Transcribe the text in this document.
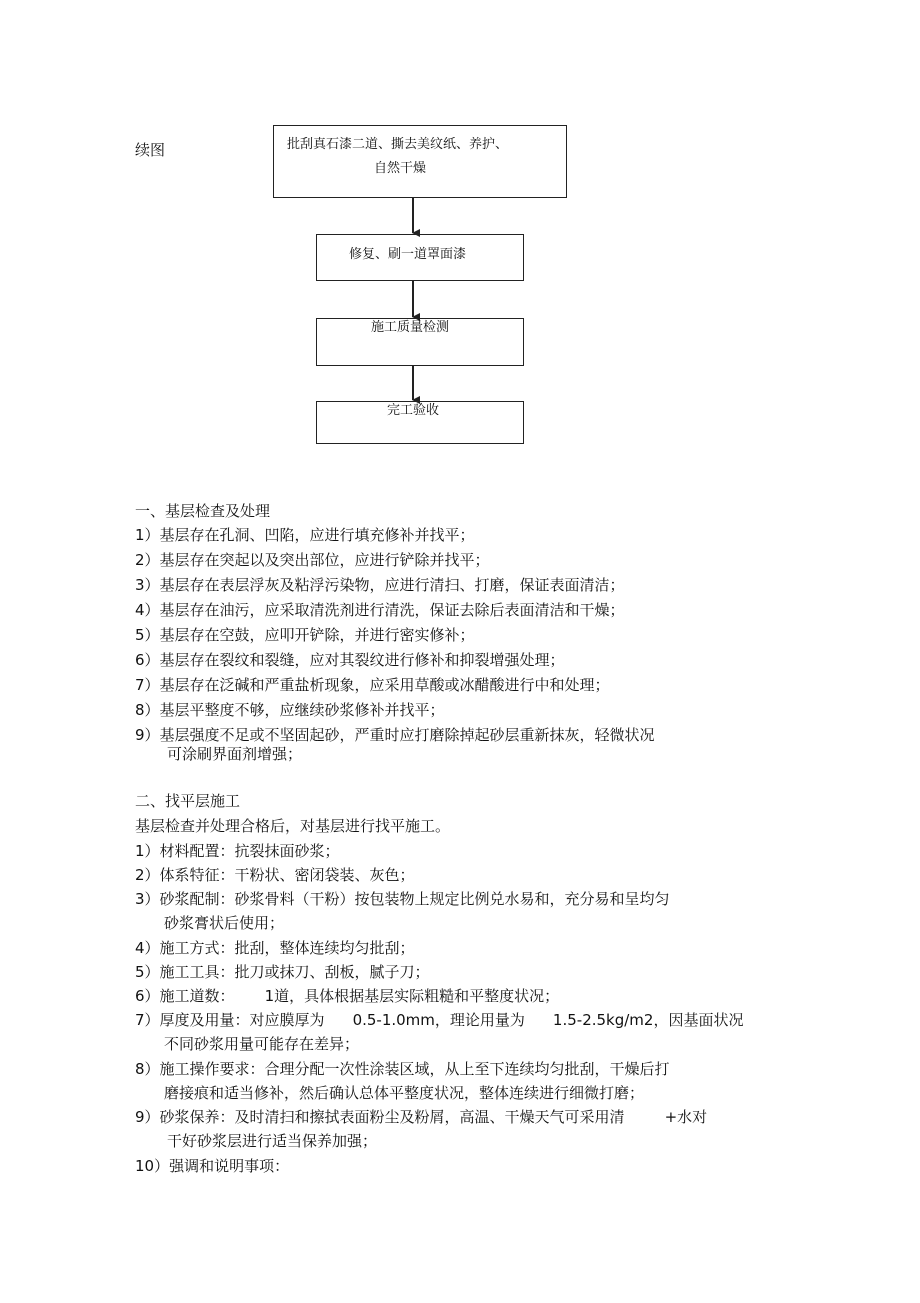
续图	批刮真石漆二道、撕去美纹纸、养护、
自然干燥
修复、刷一道罩面漆
施工质量检测
完工验收
一、基层检查及处理
1）基层存在孔洞、凹陷，应进行填充修补并找平；
2）基层存在突起以及突出部位，应进行铲除并找平；
3）基层存在表层浮灰及粘浮污染物，应进行清扫、打磨，保证表面清洁；
4）基层存在油污，应采取清洗剂进行清洗，保证去除后表面清洁和干燥；
5）基层存在空鼓，应叩开铲除，并进行密实修补；
6）基层存在裂纹和裂缝，应对其裂纹进行修补和抑裂增强处理；
7）基层存在泛碱和严重盐析现象，应采用草酸或冰醋酸进行中和处理；
8）基层平整度不够，应继续砂浆修补并找平；
9）基层强度不足或不坚固起砂，严重时应打磨除掉起砂层重新抹灰，轻微状况
可涂刷界面剂增强；
二、找平层施工
基层检查并处理合格后，对基层进行找平施工。
1）材料配置：抗裂抹面砂浆；
2）体系特征：干粉状、密闭袋装、灰色；
3）砂浆配制：砂浆骨料（干粉）按包装物上规定比例兑水易和，充分易和呈均匀
砂浆膏状后使用；
4）施工方式：批刮，整体连续均匀批刮；
5）施工工具：批刀或抹刀、刮板，腻子刀；
6）施工道数： 1道，具体根据基层实际粗糙和平整度状况；
7）厚度及用量：对应膜厚为 0.5-1.0mm，理论用量为 1.5-2.5kg/m2，因基面状况
不同砂浆用量可能存在差异；
8）施工操作要求：合理分配一次性涂装区域，从上至下连续均匀批刮，干燥后打
磨接痕和适当修补，然后确认总体平整度状况，整体连续进行细微打磨；
9）砂浆保养：及时清扫和擦拭表面粉尘及粉屑，高温、干燥天气可采用清	+水对
干好砂浆层进行适当保养加强；
10）强调和说明事项：
